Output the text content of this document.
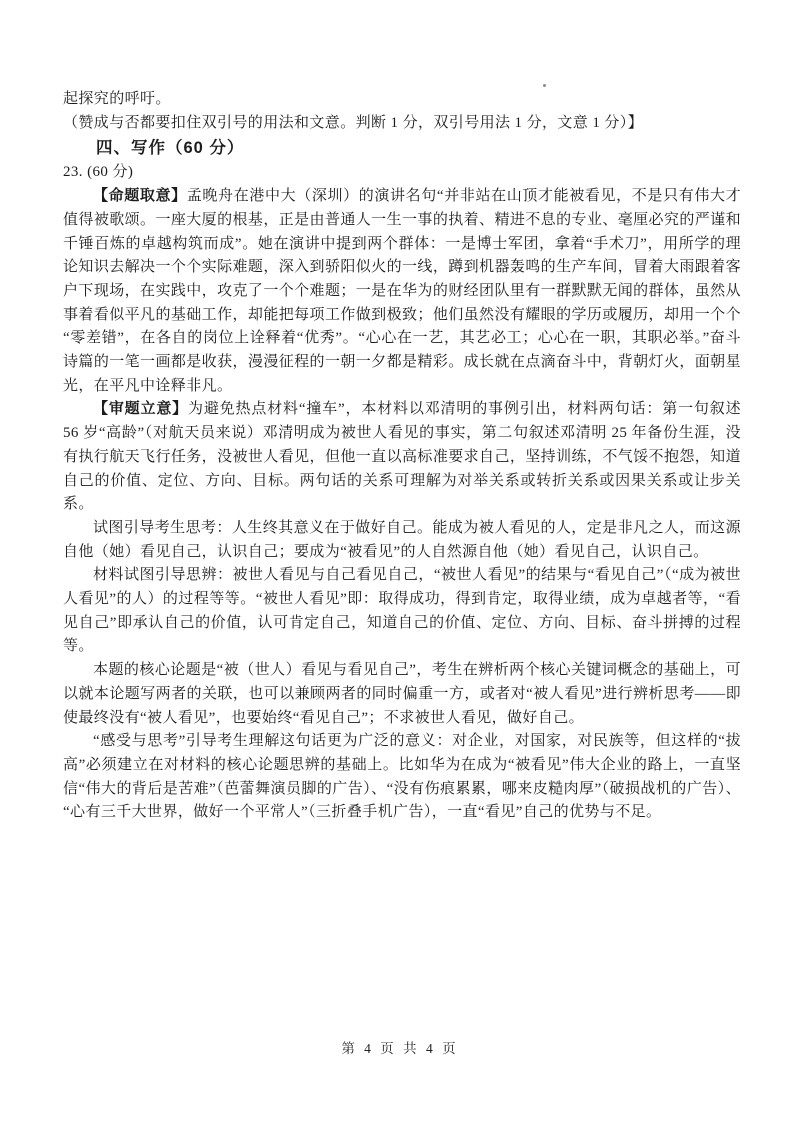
起探究的呼吁。

（赞成与否都要扣住双引号的用法和文意。判断 1 分，双引号用法 1 分，文意 1 分）】

四、写作（60 分）

23. (60 分)

【命题取意】孟晚舟在港中大（深圳）的演讲名句“并非站在山顶才能被看见，不是只有伟大才值得被歌颂。一座大厦的根基，正是由普通人一生一事的执着、精进不息的专业、毫厘必究的严谨和千锤百炼的卓越构筑而成”。她在演讲中提到两个群体：一是博士军团，拿着“手术刀”，用所学的理论知识去解决一个个实际难题，深入到骄阳似火的一线，蹲到机器轰鸣的生产车间，冒着大雨跟着客户下现场，在实践中，攻克了一个个难题；一是在华为的财经团队里有一群默默无闻的群体，虽然从事着看似平凡的基础工作，却能把每项工作做到极致；他们虽然没有耀眼的学历或履历，却用一个个“零差错”，在各自的岗位上诠释着“优秀”。“心心在一艺，其艺必工；心心在一职，其职必举。”奋斗诗篇的一笔一画都是收获，漫漫征程的一朝一夕都是精彩。成长就在点滴奋斗中，背朝灯火，面朝星光，在平凡中诠释非凡。

【审题立意】为避免热点材料“撞车”，本材料以邓清明的事例引出，材料两句话：第一句叙述 56 岁“高龄”（对航天员来说）邓清明成为被世人看见的事实，第二句叙述邓清明 25 年备份生涯，没有执行航天飞行任务，没被世人看见，但他一直以高标准要求自己，坚持训练，不气馁不抱怨，知道自己的价值、定位、方向、目标。两句话的关系可理解为对举关系或转折关系或因果关系或让步关系。

试图引导考生思考：人生终其意义在于做好自己。能成为被人看见的人，定是非凡之人，而这源自他（她）看见自己，认识自己；要成为“被看见”的人自然源自他（她）看见自己，认识自己。

材料试图引导思辨：被世人看见与自己看见自己，“被世人看见”的结果与“看见自己”（“成为被世人看见”的人）的过程等等。“被世人看见”即：取得成功，得到肯定，取得业绩，成为卓越者等，“看见自己”即承认自己的价值，认可肯定自己，知道自己的价值、定位、方向、目标、奋斗拼搏的过程等。

本题的核心论题是“被（世人）看见与看见自己”，考生在辨析两个核心关键词概念的基础上，可以就本论题写两者的关联，也可以兼顾两者的同时偏重一方，或者对“被人看见”进行辨析思考——即使最终没有“被人看见”，也要始终“看见自己”；不求被世人看见，做好自己。

“感受与思考”引导考生理解这句话更为广泛的意义：对企业，对国家，对民族等，但这样的“拔高”必须建立在对材料的核心论题思辨的基础上。比如华为在成为“被看见”伟大企业的路上，一直坚信“伟大的背后是苦难”（芭蕾舞演员脚的广告）、“没有伤痕累累，哪来皮糙肉厚”（破损战机的广告）、“心有三千大世界，做好一个平常人”（三折叠手机广告），一直“看见”自己的优势与不足。

第 4 页 共 4 页
